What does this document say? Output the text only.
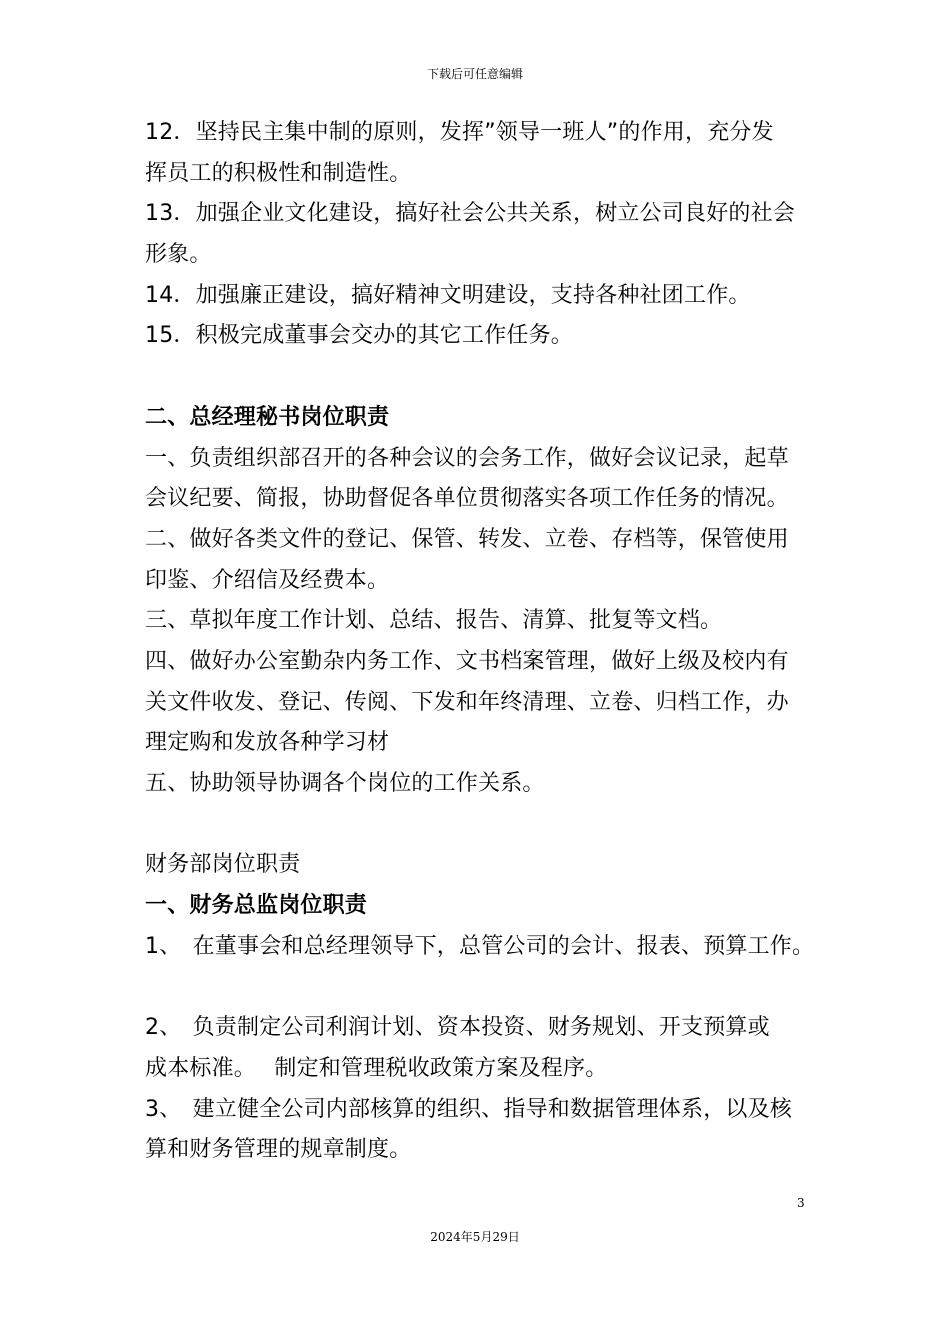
下载后可任意编辑
12．坚持民主集中制的原则，发挥”领导一班人”的作用，充分发
挥员工的积极性和制造性。
13．加强企业文化建设，搞好社会公共关系，树立公司良好的社会
形象。
14．加强廉正建设，搞好精神文明建设，支持各种社团工作。
15．积极完成董事会交办的其它工作任务。
二、总经理秘书岗位职责
一、负责组织部召开的各种会议的会务工作，做好会议记录，起草
会议纪要、简报，协助督促各单位贯彻落实各项工作任务的情况。
二、做好各类文件的登记、保管、转发、立卷、存档等，保管使用
印鉴、介绍信及经费本。
三、草拟年度工作计划、总结、报告、清算、批复等文档。
四、做好办公室勤杂内务工作、文书档案管理，做好上级及校内有
关文件收发、登记、传阅、下发和年终清理、立卷、归档工作，办
理定购和发放各种学习材
五、协助领导协调各个岗位的工作关系。
财务部岗位职责
一、财务总监岗位职责
1、　在董事会和总经理领导下，总管公司的会计、报表、预算工作。
2、　负责制定公司利润计划、资本投资、财务规划、开支预算或
成本标准。　 制定和管理税收政策方案及程序。
3、　建立健全公司内部核算的组织、指导和数据管理体系，以及核
算和财务管理的规章制度。
3
2024年5月29日
